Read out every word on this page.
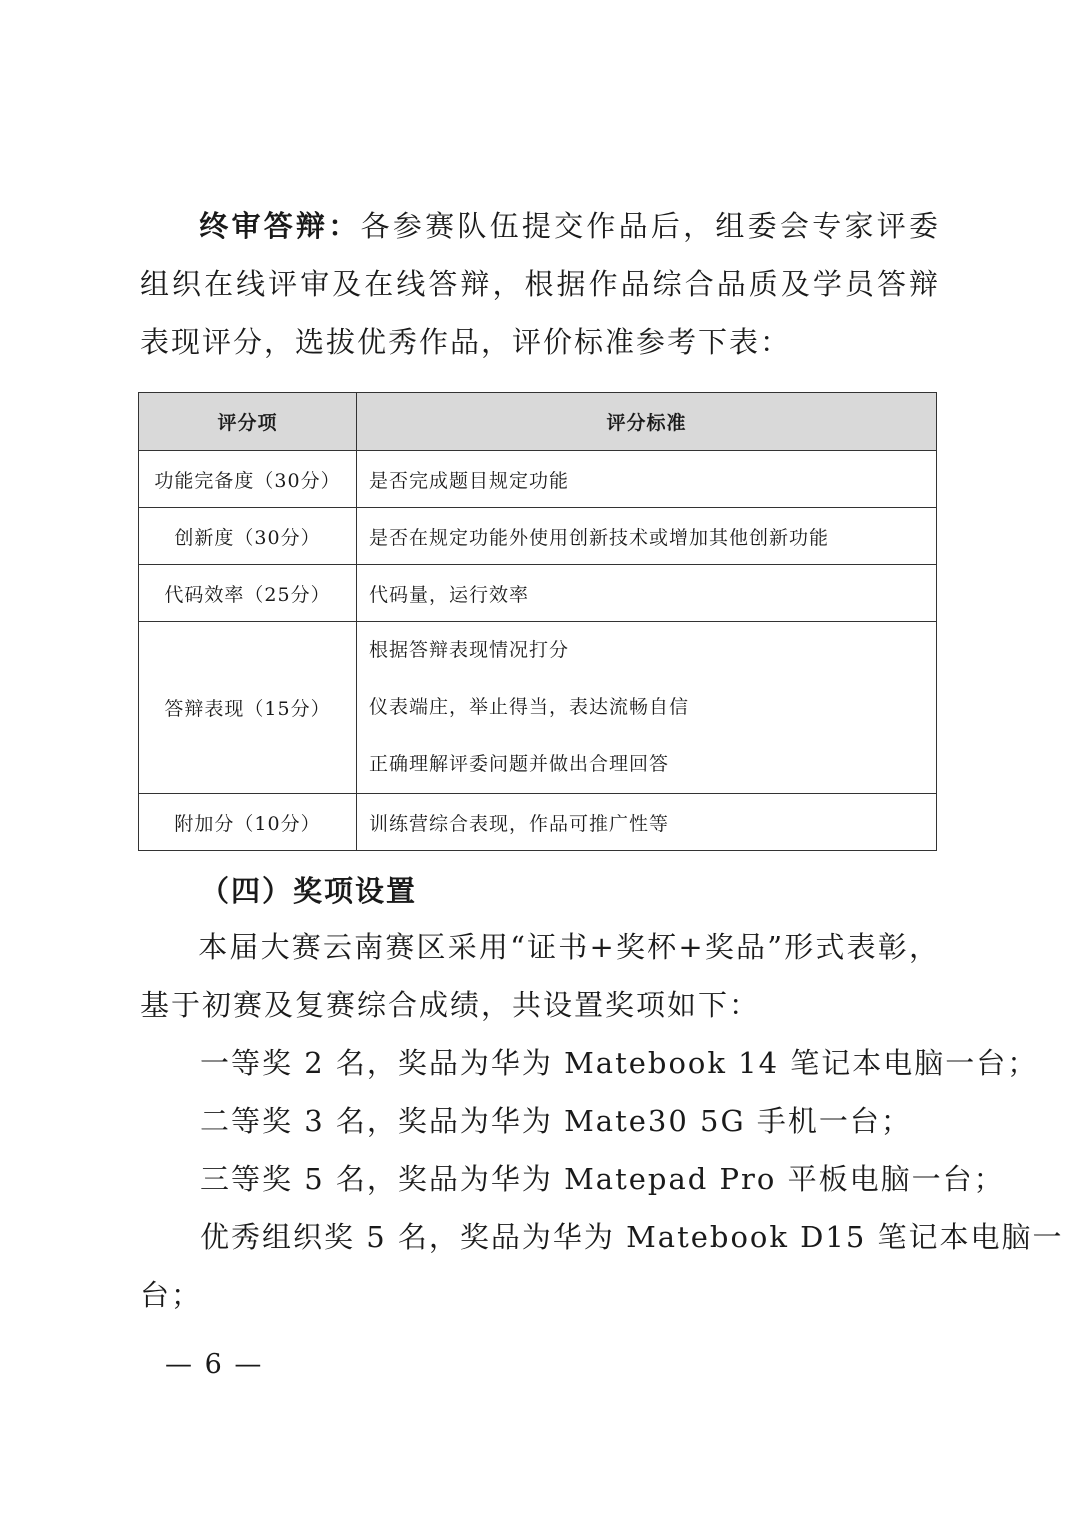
终审答辩：各参赛队伍提交作品后，组委会专家评委组织在线评审及在线答辩，根据作品综合品质及学员答辩表现评分，选拔优秀作品，评价标准参考下表：
评分项	评分标准
功能完备度（30分）	是否完成题目规定功能
创新度（30分）	是否在规定功能外使用创新技术或增加其他创新功能
代码效率（25分）	代码量，运行效率
答辩表现（15分）	根据答辩表现情况打分
仪表端庄，举止得当，表达流畅自信
正确理解评委问题并做出合理回答

附加分（10分）	训练营综合表现，作品可推广性等
（四）奖项设置
本届大赛云南赛区采用“证书+奖杯+奖品”形式表彰，基于初赛及复赛综合成绩，共设置奖项如下：
一等奖 2 名，奖品为华为 Matebook 14 笔记本电脑一台；
二等奖 3 名，奖品为华为 Mate30 5G 手机一台；
三等奖 5 名，奖品为华为 Matepad Pro 平板电脑一台；
优秀组织奖 5 名，奖品为华为 Matebook D15 笔记本电脑一
台；
— 6 —
